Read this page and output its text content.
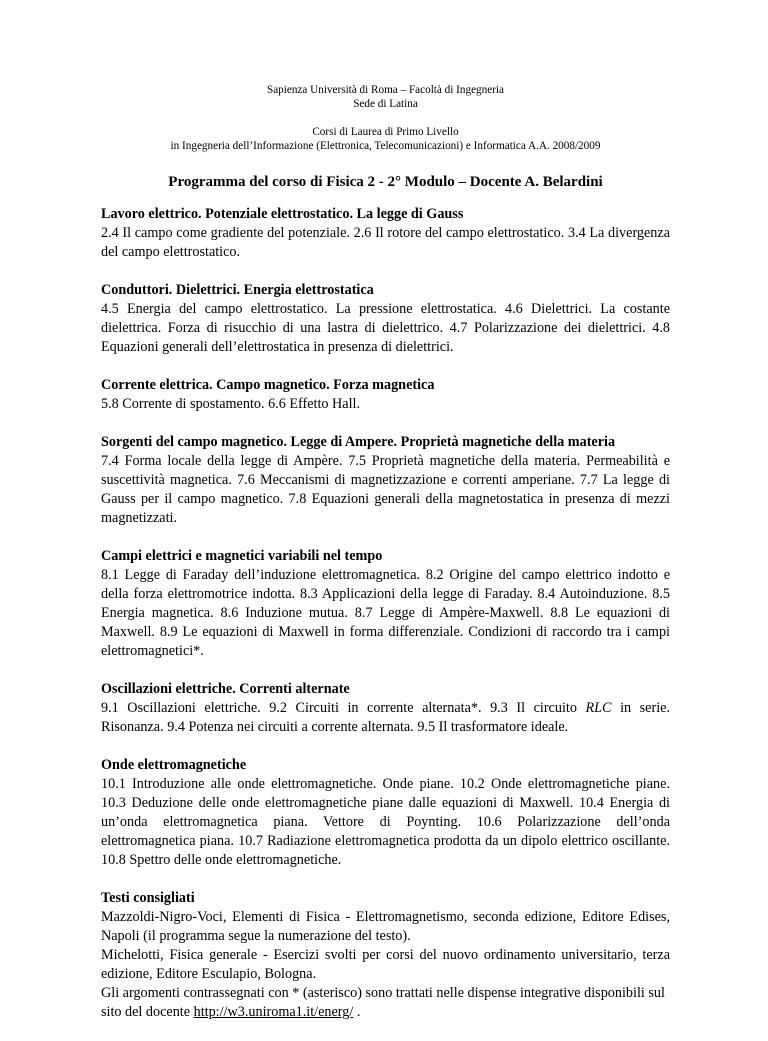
Sapienza Università di Roma – Facoltà di Ingegneria
Sede di Latina
Corsi di Laurea di Primo Livello
in Ingegneria dell’Informazione (Elettronica, Telecomunicazioni) e Informatica A.A. 2008/2009
Programma del corso di Fisica 2 - 2° Modulo – Docente A. Belardini
Lavoro elettrico. Potenziale elettrostatico. La legge di Gauss
2.4 Il campo come gradiente del potenziale. 2.6 Il rotore del campo elettrostatico. 3.4 La divergenza del campo elettrostatico.
Conduttori. Dielettrici. Energia elettrostatica
4.5 Energia del campo elettrostatico. La pressione elettrostatica. 4.6 Dielettrici. La costante dielettrica. Forza di risucchio di una lastra di dielettrico. 4.7 Polarizzazione dei dielettrici. 4.8 Equazioni generali dell’elettrostatica in presenza di dielettrici.
Corrente elettrica. Campo magnetico. Forza magnetica
5.8 Corrente di spostamento. 6.6 Effetto Hall.
Sorgenti del campo magnetico. Legge di Ampere. Proprietà magnetiche della materia
7.4 Forma locale della legge di Ampère. 7.5 Proprietà magnetiche della materia. Permeabilità e suscettività magnetica. 7.6 Meccanismi di magnetizzazione e correnti amperiane. 7.7 La legge di Gauss per il campo magnetico. 7.8 Equazioni generali della magnetostatica in presenza di mezzi magnetizzati.
Campi elettrici e magnetici variabili nel tempo
8.1 Legge di Faraday dell’induzione elettromagnetica. 8.2 Origine del campo elettrico indotto e della forza elettromotrice indotta. 8.3 Applicazioni della legge di Faraday. 8.4 Autoinduzione. 8.5 Energia magnetica. 8.6 Induzione mutua. 8.7 Legge di Ampère-Maxwell. 8.8 Le equazioni di Maxwell. 8.9 Le equazioni di Maxwell in forma differenziale. Condizioni di raccordo tra i campi elettromagnetici*.
Oscillazioni elettriche. Correnti alternate
9.1 Oscillazioni elettriche. 9.2 Circuiti in corrente alternata*. 9.3 Il circuito RLC in serie. Risonanza. 9.4 Potenza nei circuiti a corrente alternata. 9.5 Il trasformatore ideale.
Onde elettromagnetiche
10.1 Introduzione alle onde elettromagnetiche. Onde piane. 10.2 Onde elettromagnetiche piane. 10.3 Deduzione delle onde elettromagnetiche piane dalle equazioni di Maxwell. 10.4 Energia di un’onda elettromagnetica piana. Vettore di Poynting. 10.6 Polarizzazione dell’onda elettromagnetica piana. 10.7 Radiazione elettromagnetica prodotta da un dipolo elettrico oscillante. 10.8 Spettro delle onde elettromagnetiche.
Testi consigliati

Mazzoldi-Nigro-Voci, Elementi di Fisica - Elettromagnetismo, seconda edizione, Editore Edises, Napoli (il programma segue la numerazione del testo).

Michelotti, Fisica generale - Esercizi svolti per corsi del nuovo ordinamento universitario, terza edizione, Editore Esculapio, Bologna.

Gli argomenti contrassegnati con * (asterisco) sono trattati nelle dispense integrative disponibili sul sito del docente http://w3.uniroma1.it/energ/ .
